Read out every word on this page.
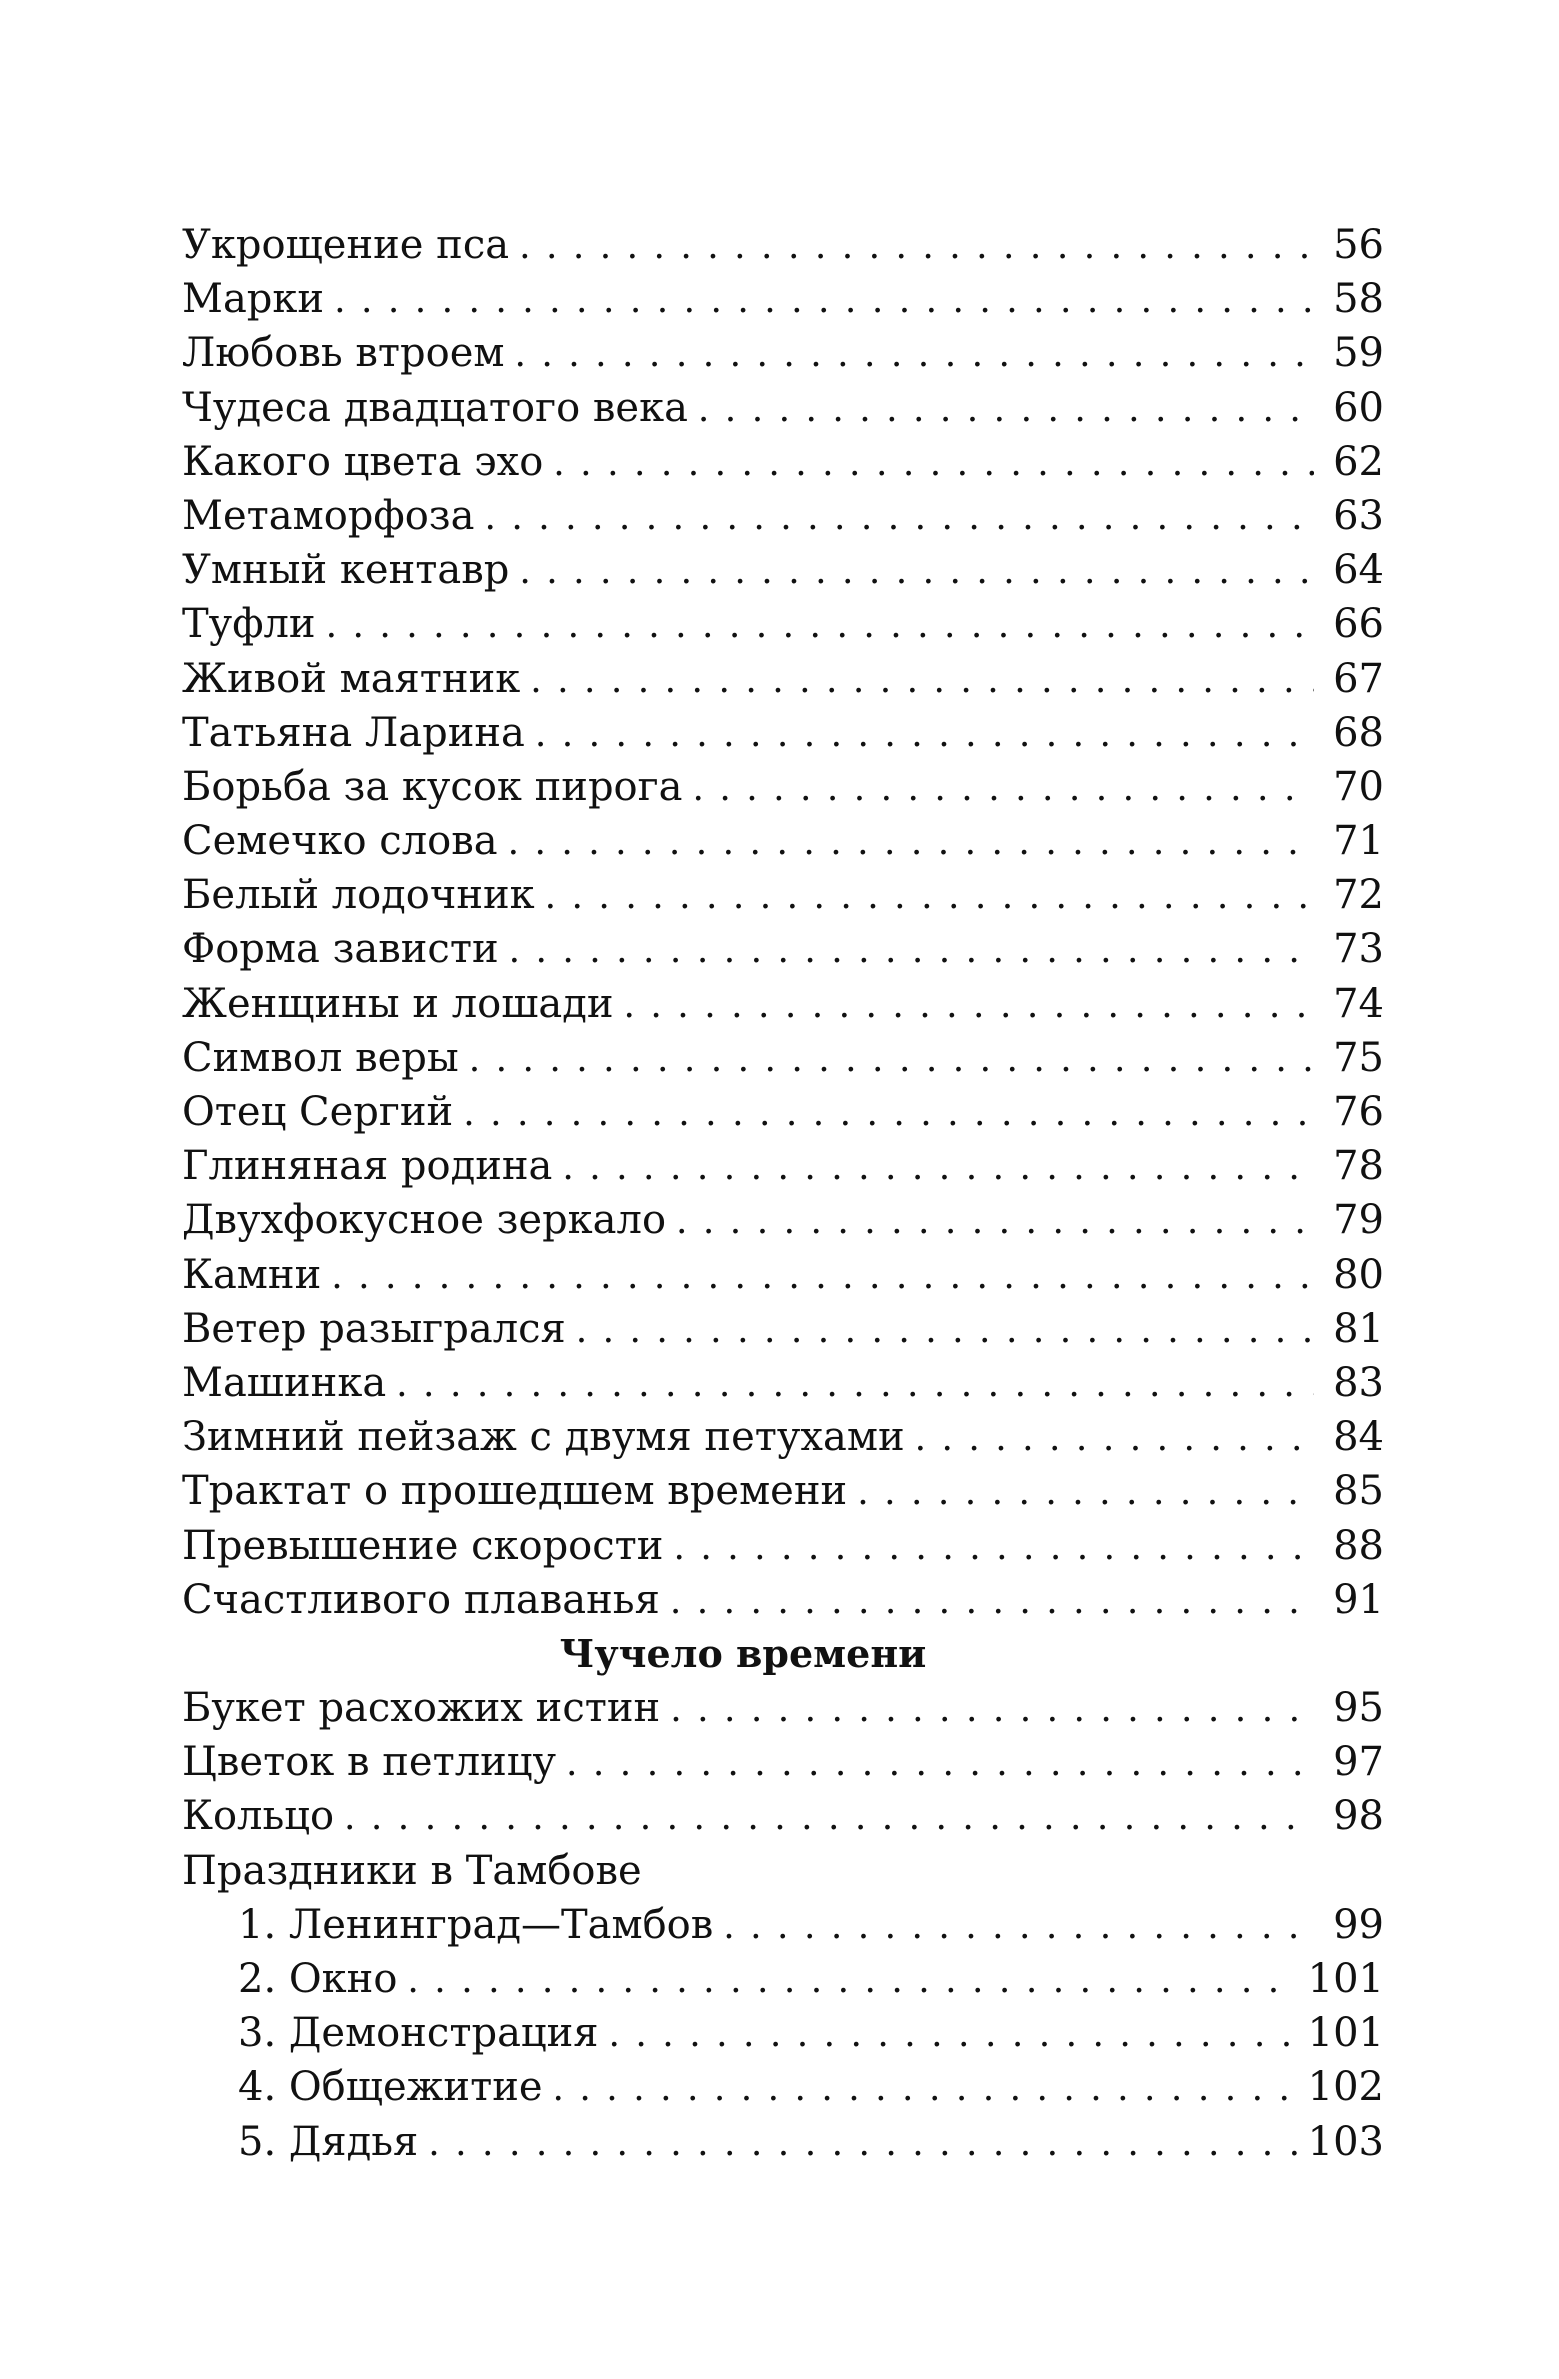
Укрощение пса . . .	56
Марки . . .	58
Любовь втроем . . .	59
Чудеса двадцатого века . . .	60
Какого цвета эхо . . .	62
Метаморфоза . . .	63
Умный кентавр . . .	64
Туфли . . .	66
Живой маятник . . .	67
Татьяна Ларина . . .	68
Борьба за кусок пирога . . .	70
Семечко слова . . .	71
Белый лодочник . . .	72
Форма зависти . . .	73
Женщины и лошади . . .	74
Символ веры . . .	75
Отец Сергий . . .	76
Глиняная родина . . .	78
Двухфокусное зеркало . . .	79
Камни . . .	80
Ветер разыгрался . . .	81
Машинка . . .	83
Зимний пейзаж с двумя петухами . . .	84
Трактат о прошедшем времени . . .	85
Превышение скорости . . .	88
Счастливого плаванья . . .	91
Чучело времени
Букет расхожих истин . . .	95
Цветок в петлицу . . .	97
Кольцо . . .	98
Праздники в Тамбове
1. Ленинград—Тамбов . . .	99
2. Окно . . .	101
3. Демонстрация . . .	101
4. Общежитие . . .	102
5. Дядья . . .	103
